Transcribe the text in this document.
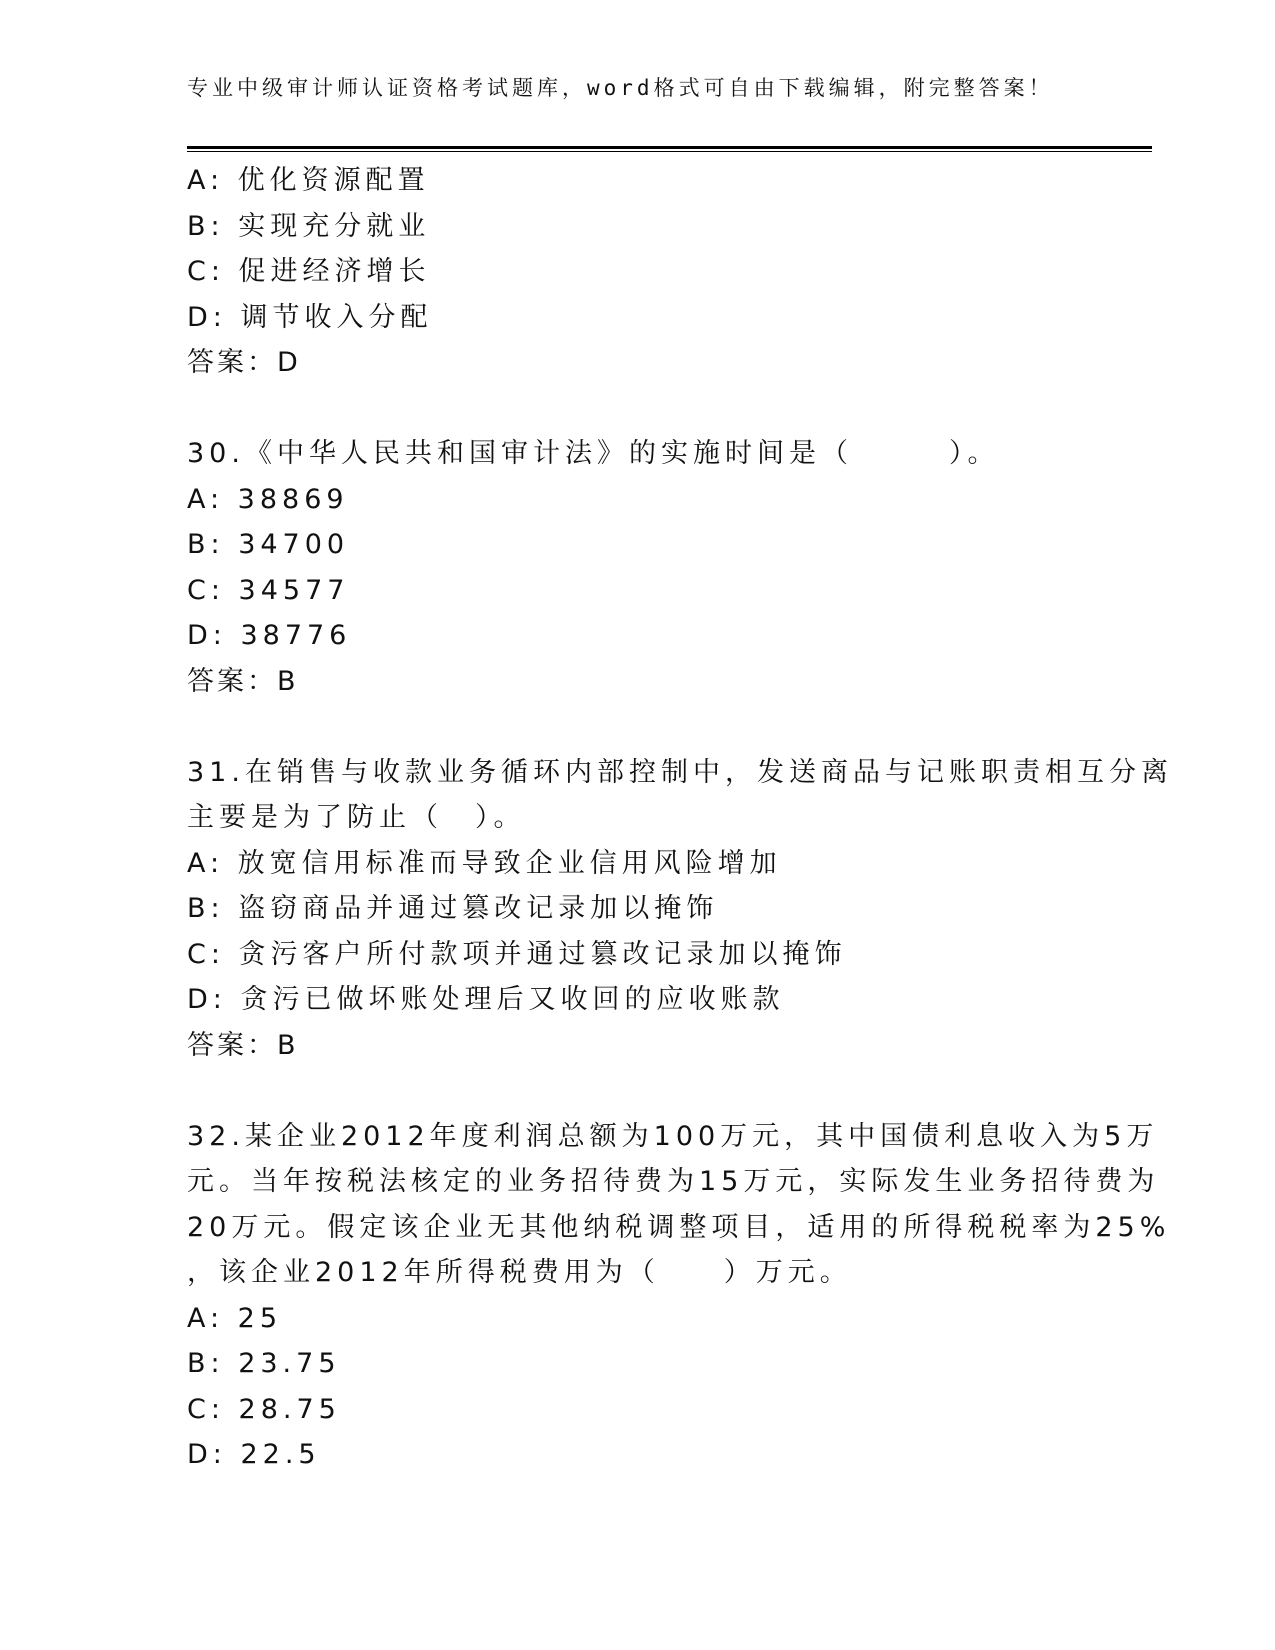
专业中级审计师认证资格考试题库，word格式可自由下载编辑，附完整答案！
A: 优化资源配置
B: 实现充分就业
C: 促进经济增长
D: 调节收入分配
答案：D
30.《中华人民共和国审计法》的实施时间是（　　　）。
A: 38869
B: 34700
C: 34577
D: 38776
答案：B
31.在销售与收款业务循环内部控制中，发送商品与记账职责相互分离
主要是为了防止（　）。
A: 放宽信用标准而导致企业信用风险增加
B: 盗窃商品并通过篡改记录加以掩饰
C: 贪污客户所付款项并通过篡改记录加以掩饰
D: 贪污已做坏账处理后又收回的应收账款
答案：B
32.某企业2012年度利润总额为100万元，其中国债利息收入为5万
元。当年按税法核定的业务招待费为15万元，实际发生业务招待费为
20万元。假定该企业无其他纳税调整项目，适用的所得税税率为25%
，该企业2012年所得税费用为（　　）万元。
A: 25
B: 23.75
C: 28.75
D: 22.5
